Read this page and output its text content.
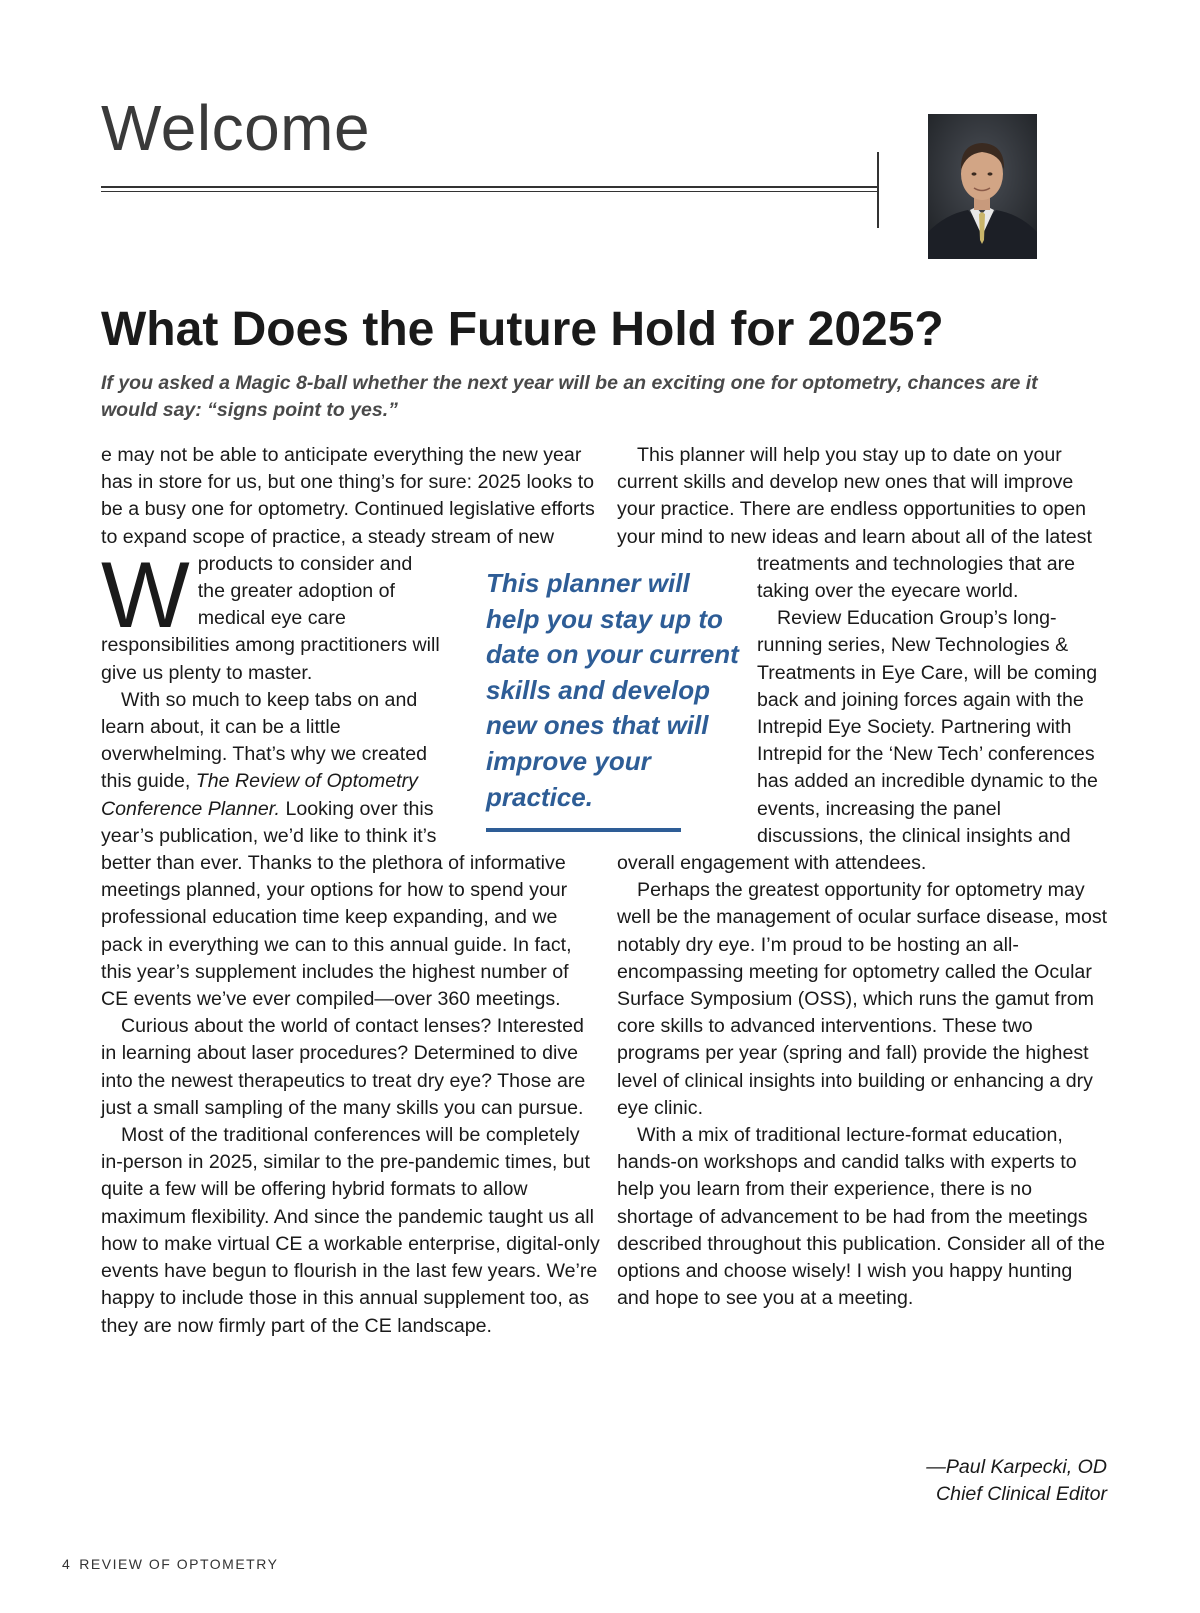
Welcome
What Does the Future Hold for 2025?

If you asked a Magic 8-ball whether the next year will be an exciting one for optometry, chances are it would say: “signs point to yes.”

W
e may not be able to anticipate everything the new year has in store for us, but one thing’s for sure: 2025 looks to be a busy one for optometry. Continued legislative efforts to expand scope of practice, a steady stream of new products to consider and the greater adoption of medical eye care responsibilities among practitioners will give us plenty to master.

With so much to keep tabs on and learn about, it can be a little overwhelming. That’s why we created this guide, The Review of Optometry Conference Planner. Looking over this year’s publication, we’d like to think it’s better than ever. Thanks to the plethora of informative meetings planned, your options for how to spend your professional education time keep expanding, and we pack in everything we can to this annual guide. In fact, this year’s supplement includes the highest number of CE events we’ve ever compiled—over 360 meetings.

Curious about the world of contact lenses? Interested in learning about laser procedures? Determined to dive into the newest therapeutics to treat dry eye? Those are just a small sampling of the many skills you can pursue.

Most of the traditional conferences will be completely in-person in 2025, similar to the pre-pandemic times, but quite a few will be offering hybrid formats to allow maximum flexibility. And since the pandemic taught us all how to make virtual CE a workable enterprise, digital-only events have begun to flourish in the last few years. We’re happy to include those in this annual supplement too, as they are now firmly part of the CE landscape.

This planner will help you stay up to date on your current skills and develop new ones that will improve your practice. There are endless opportunities to open your mind to new ideas and learn about all of the latest treatments and technologies that are taking over the eyecare world.

Review Education Group’s long-running series, New Technologies & Treatments in Eye Care, will be coming back and joining forces again with the Intrepid Eye Society. Partnering with Intrepid for the ‘New Tech’ conferences has added an incredible dynamic to the events, increasing the panel discussions, the clinical insights and overall engagement with attendees.

Perhaps the greatest opportunity for optometry may well be the management of ocular surface disease, most notably dry eye. I’m proud to be hosting an all-encompassing meeting for optometry called the Ocular Surface Symposium (OSS), which runs the gamut from core skills to advanced interventions. These two programs per year (spring and fall) provide the highest level of clinical insights into building or enhancing a dry eye clinic.

With a mix of traditional lecture-format education, hands-on workshops and candid talks with experts to help you learn from their experience, there is no shortage of advancement to be had from the meetings described throughout this publication. Consider all of the options and choose wisely! I wish you happy hunting and hope to see you at a meeting.

This planner will help you stay up to date on your current skills and develop new ones that will improve your practice.

—Paul Karpecki, OD
Chief Clinical Editor
4 REVIEW OF OPTOMETRY
